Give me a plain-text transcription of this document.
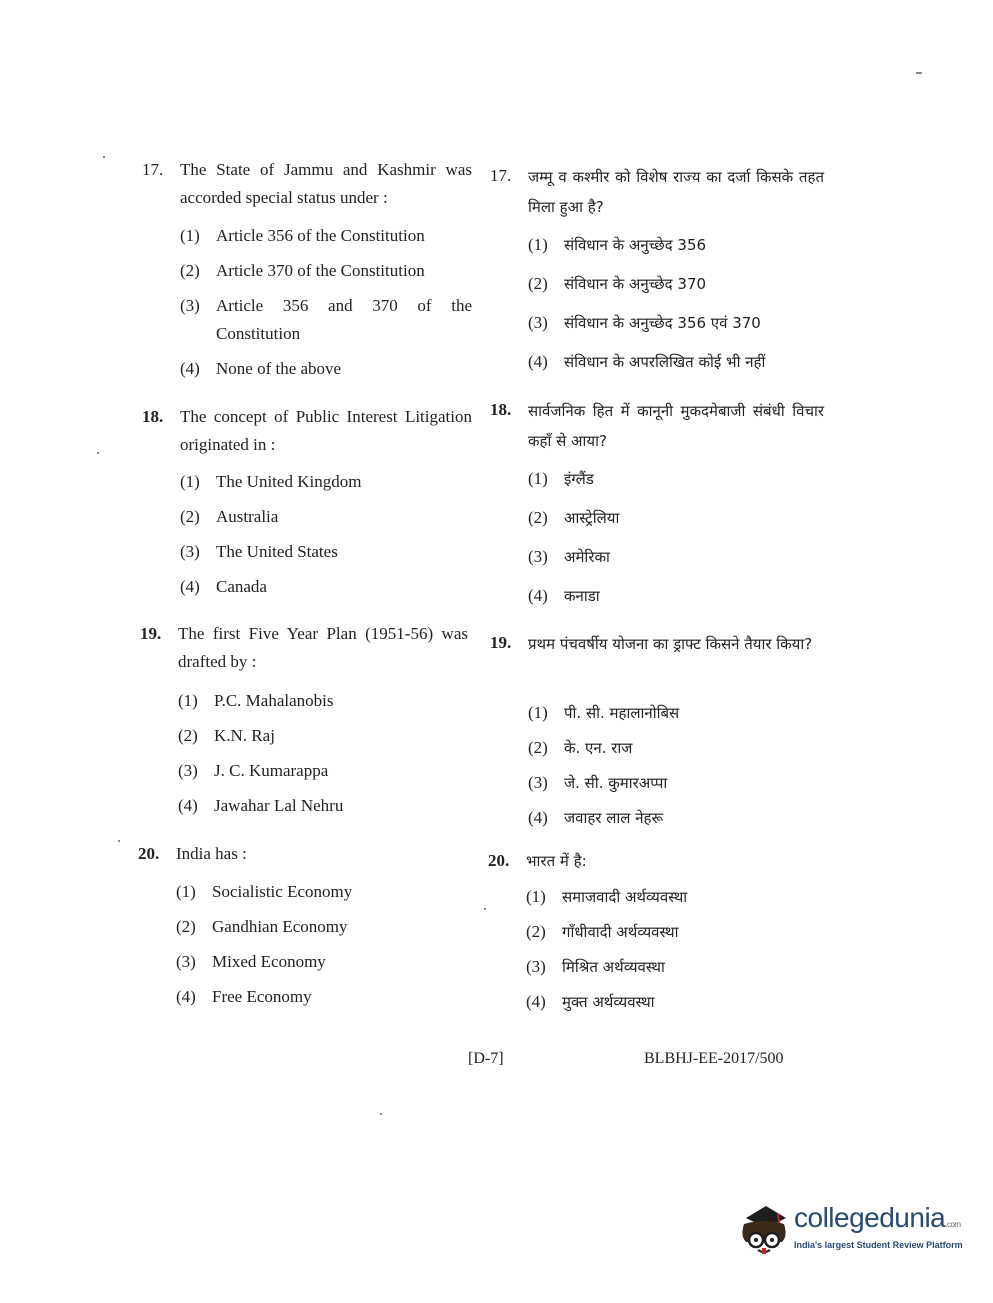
17. The State of Jammu and Kashmir was accorded special status under :
(1) Article 356 of the Constitution
(2) Article 370 of the Constitution
(3) Article 356 and 370 of the Constitution
(4) None of the above
18. The concept of Public Interest Litigation originated in :
(1) The United Kingdom
(2) Australia
(3) The United States
(4) Canada
19. The first Five Year Plan (1951-56) was drafted by :
(1) P.C. Mahalanobis
(2) K.N. Raj
(3) J. C. Kumarappa
(4) Jawahar Lal Nehru
20. India has :
(1) Socialistic Economy
(2) Gandhian Economy
(3) Mixed Economy
(4) Free Economy
17. जम्मू व कश्मीर को विशेष राज्य का दर्जा किसके तहत मिला हुआ है?
(1) संविधान के अनुच्छेद 356
(2) संविधान के अनुच्छेद 370
(3) संविधान के अनुच्छेद 356 एवं 370
(4) संविधान के अपरलिखित कोई भी नहीं
18. सार्वजनिक हित में कानूनी मुकदमेबाजी संबंधी विचार कहाँ से आया?
(1) इंग्लैंड
(2) आस्ट्रेलिया
(3) अमेरिका
(4) कनाडा
19. प्रथम पंचवर्षीय योजना का ड्राफ्ट किसने तैयार किया?
(1) पी. सी. महालानोबिस
(2) के. एन. राज
(3) जे. सी. कुमारअप्पा
(4) जवाहर लाल नेहरू
20. भारत में है:
(1) समाजवादी अर्थव्यवस्था
(2) गाँधीवादी अर्थव्यवस्था
(3) मिश्रित अर्थव्यवस्था
(4) मुक्त अर्थव्यवस्था
[D-7]	BLBHJ-EE-2017/500
collegedunia.com
India's largest Student Review Platform
